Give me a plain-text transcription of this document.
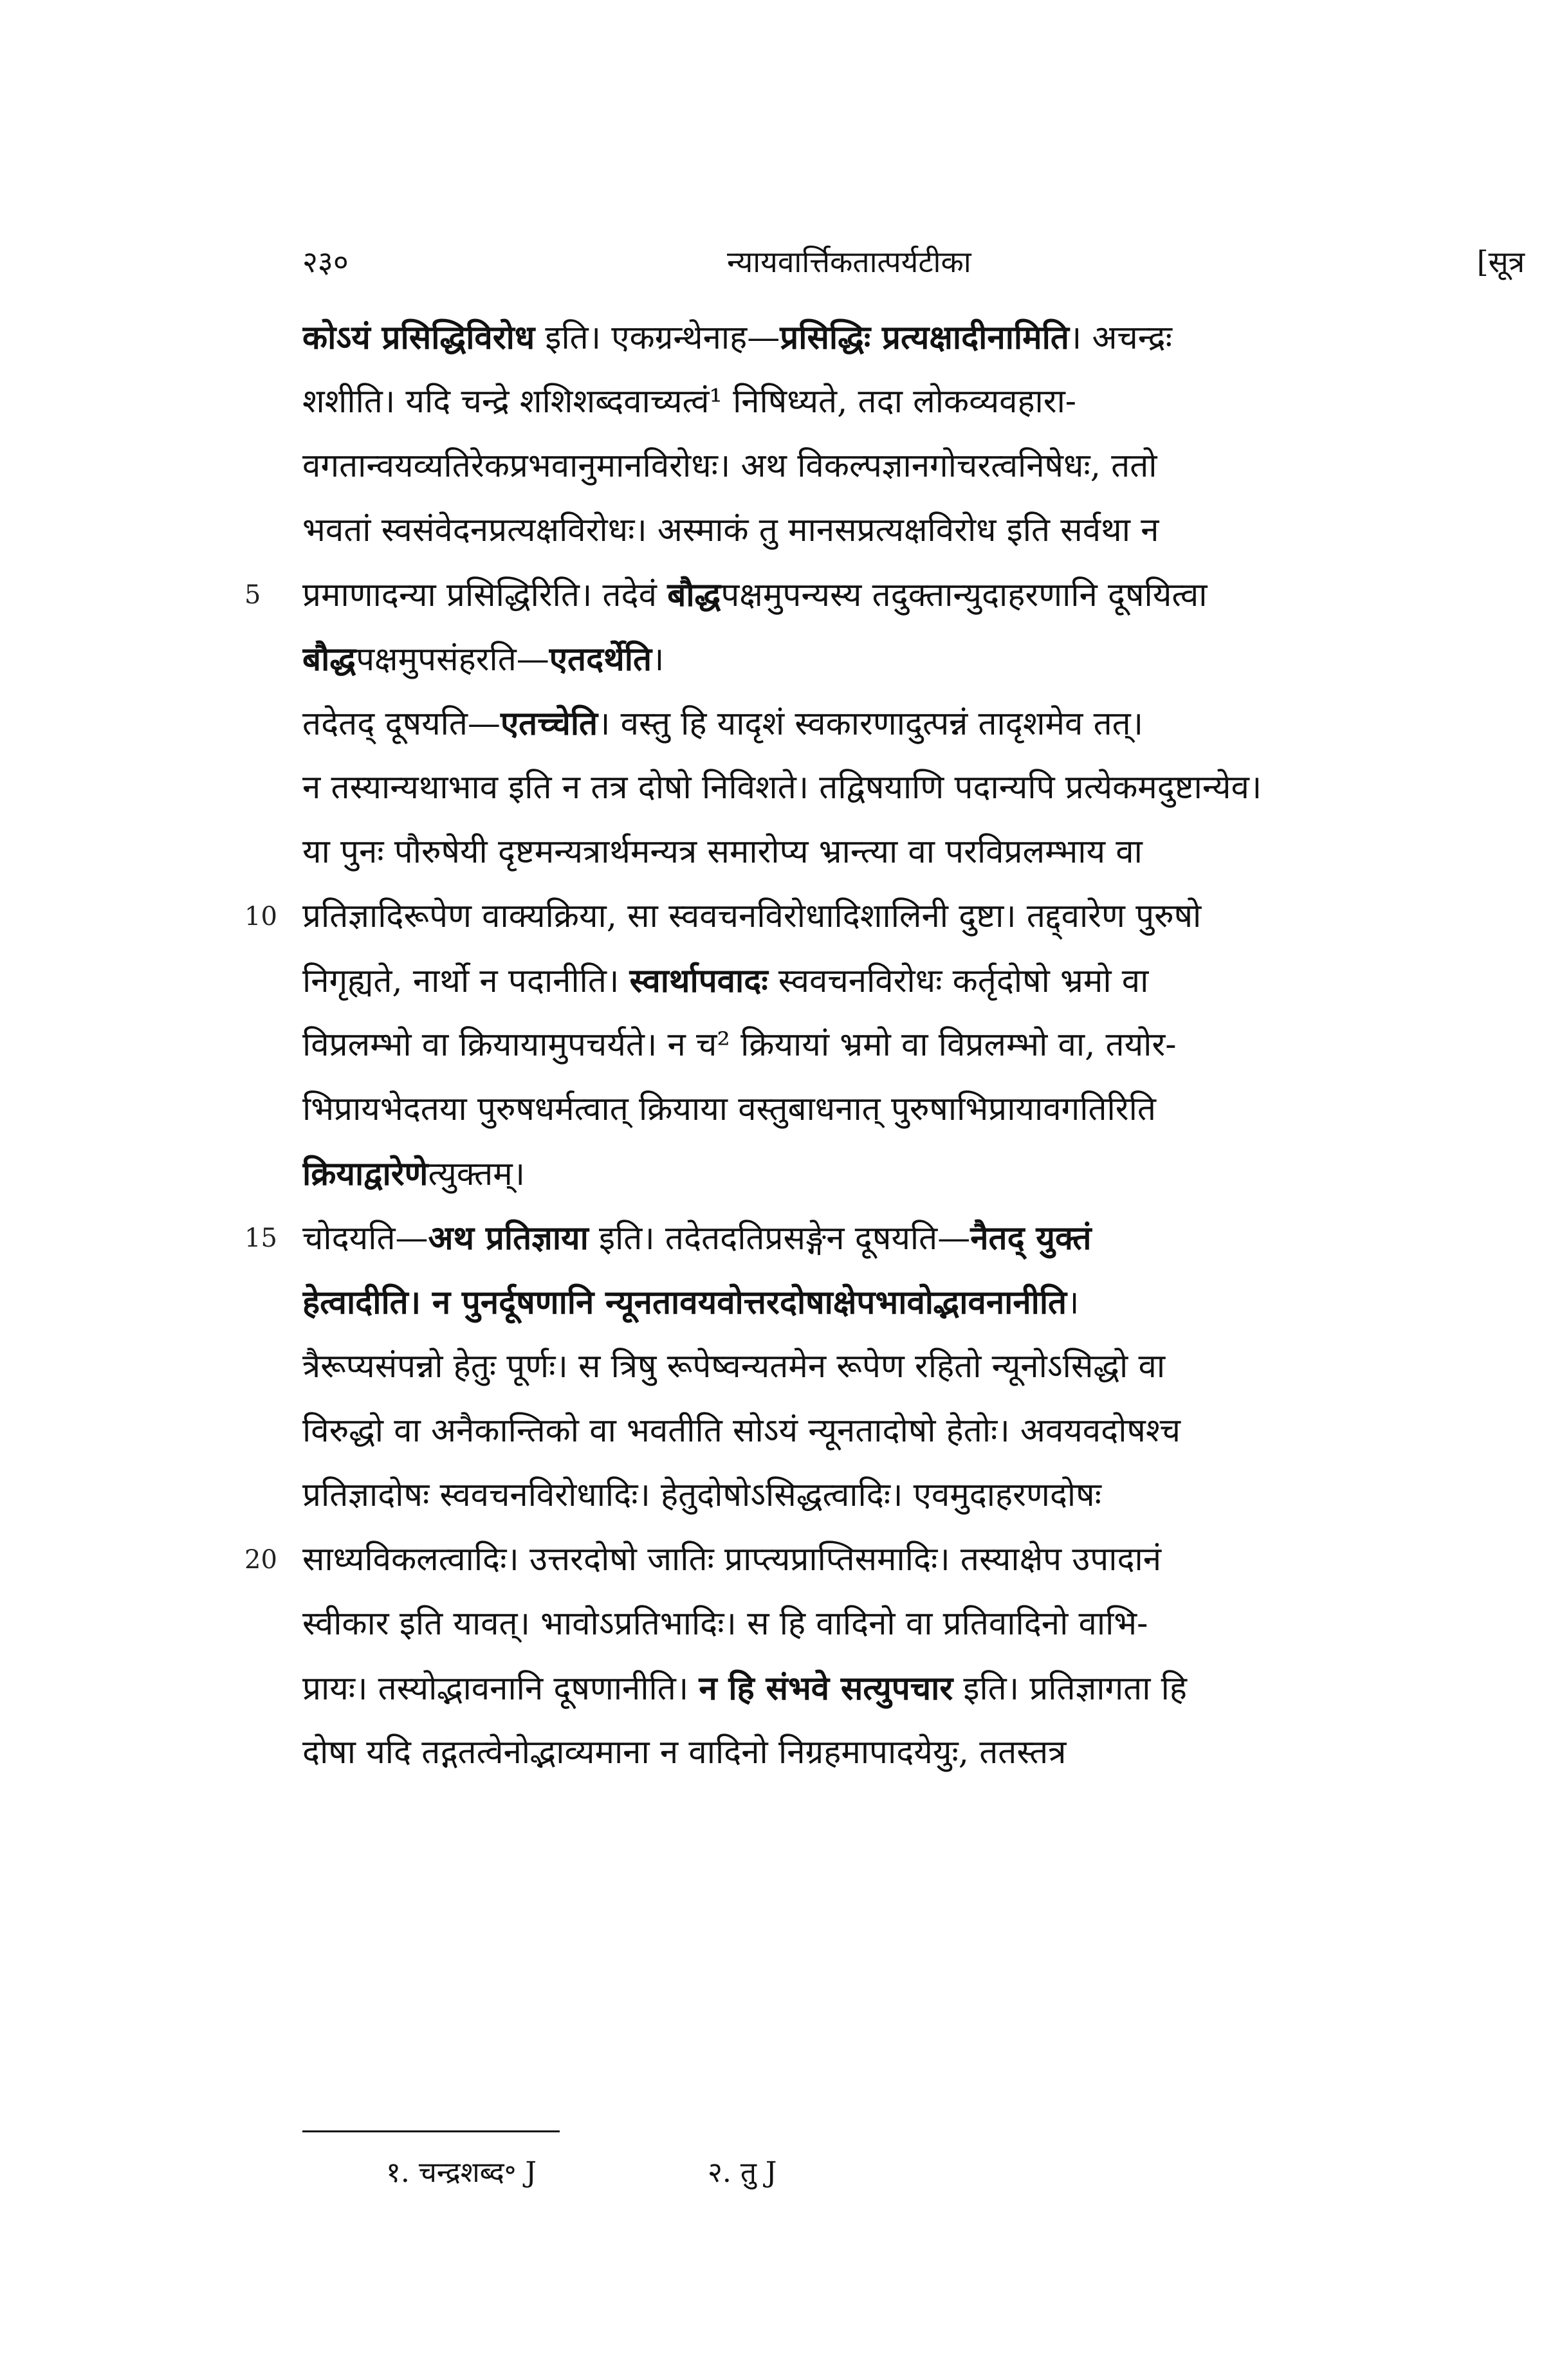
२३०	न्यायवार्त्तिकतात्पर्यटीका	[सूत्र
कोऽयं प्रसिद्धिविरोध इति। एकग्रन्थेनाह—प्रसिद्धिः प्रत्यक्षादीनामिति। अचन्द्रः
शशीति। यदि चन्द्रे शशिशब्दवाच्यत्वं¹ निषिध्यते, तदा लोकव्यवहारा-
वगतान्वयव्यतिरेकप्रभवानुमानविरोधः। अथ विकल्पज्ञानगोचरत्वनिषेधः, ततो
भवतां स्वसंवेदनप्रत्यक्षविरोधः। अस्माकं तु मानसप्रत्यक्षविरोध इति सर्वथा न
प्रमाणादन्या प्रसिद्धिरिति। तदेवं बौद्धपक्षमुपन्यस्य तदुक्तान्युदाहरणानि दूषयित्वा
5
बौद्धपक्षमुपसंहरति—एतदर्थेति।
तदेतद् दूषयति—एतच्चेति। वस्तु हि यादृशं स्वकारणादुत्पन्नं तादृशमेव तत्।
न तस्यान्यथाभाव इति न तत्र दोषो निविशते। तद्विषयाणि पदान्यपि प्रत्येकमदुष्टान्येव।
या पुनः पौरुषेयी दृष्टमन्यत्रार्थमन्यत्र समारोप्य भ्रान्त्या वा परविप्रलम्भाय वा
प्रतिज्ञादिरूपेण वाक्यक्रिया, सा स्ववचनविरोधादिशालिनी दुष्टा। तद्द्वारेण पुरुषो
10
निगृह्यते, नार्थो न पदानीति। स्वार्थापवादः स्ववचनविरोधः कर्तृदोषो भ्रमो वा
विप्रलम्भो वा क्रियायामुपचर्यते। न च² क्रियायां भ्रमो वा विप्रलम्भो वा, तयोर-
भिप्रायभेदतया पुरुषधर्मत्वात् क्रियाया वस्तुबाधनात् पुरुषाभिप्रायावगतिरिति
क्रियाद्वारेणेत्युक्तम्।
चोदयति—अथ प्रतिज्ञाया इति। तदेतदतिप्रसङ्गेन दूषयति—नैतद् युक्तं
15
हेत्वादीति। न पुनर्दूषणानि न्यूनतावयवोत्तरदोषाक्षेपभावोद्भावनानीति।
त्रैरूप्यसंपन्नो हेतुः पूर्णः। स त्रिषु रूपेष्वन्यतमेन रूपेण रहितो न्यूनोऽसिद्धो वा
विरुद्धो वा अनैकान्तिको वा भवतीति सोऽयं न्यूनतादोषो हेतोः। अवयवदोषश्च
प्रतिज्ञादोषः स्ववचनविरोधादिः। हेतुदोषोऽसिद्धत्वादिः। एवमुदाहरणदोषः
साध्यविकलत्वादिः। उत्तरदोषो जातिः प्राप्त्यप्राप्तिसमादिः। तस्याक्षेप उपादानं
20
स्वीकार इति यावत्। भावोऽप्रतिभादिः। स हि वादिनो वा प्रतिवादिनो वाभि-
प्रायः। तस्योद्भावनानि दूषणानीति। न हि संभवे सत्युपचार इति। प्रतिज्ञागता हि
दोषा यदि तद्गतत्वेनोद्भाव्यमाना न वादिनो निग्रहमापादयेयुः, ततस्तत्र
१. चन्द्रशब्द॰ J	२. तु J
